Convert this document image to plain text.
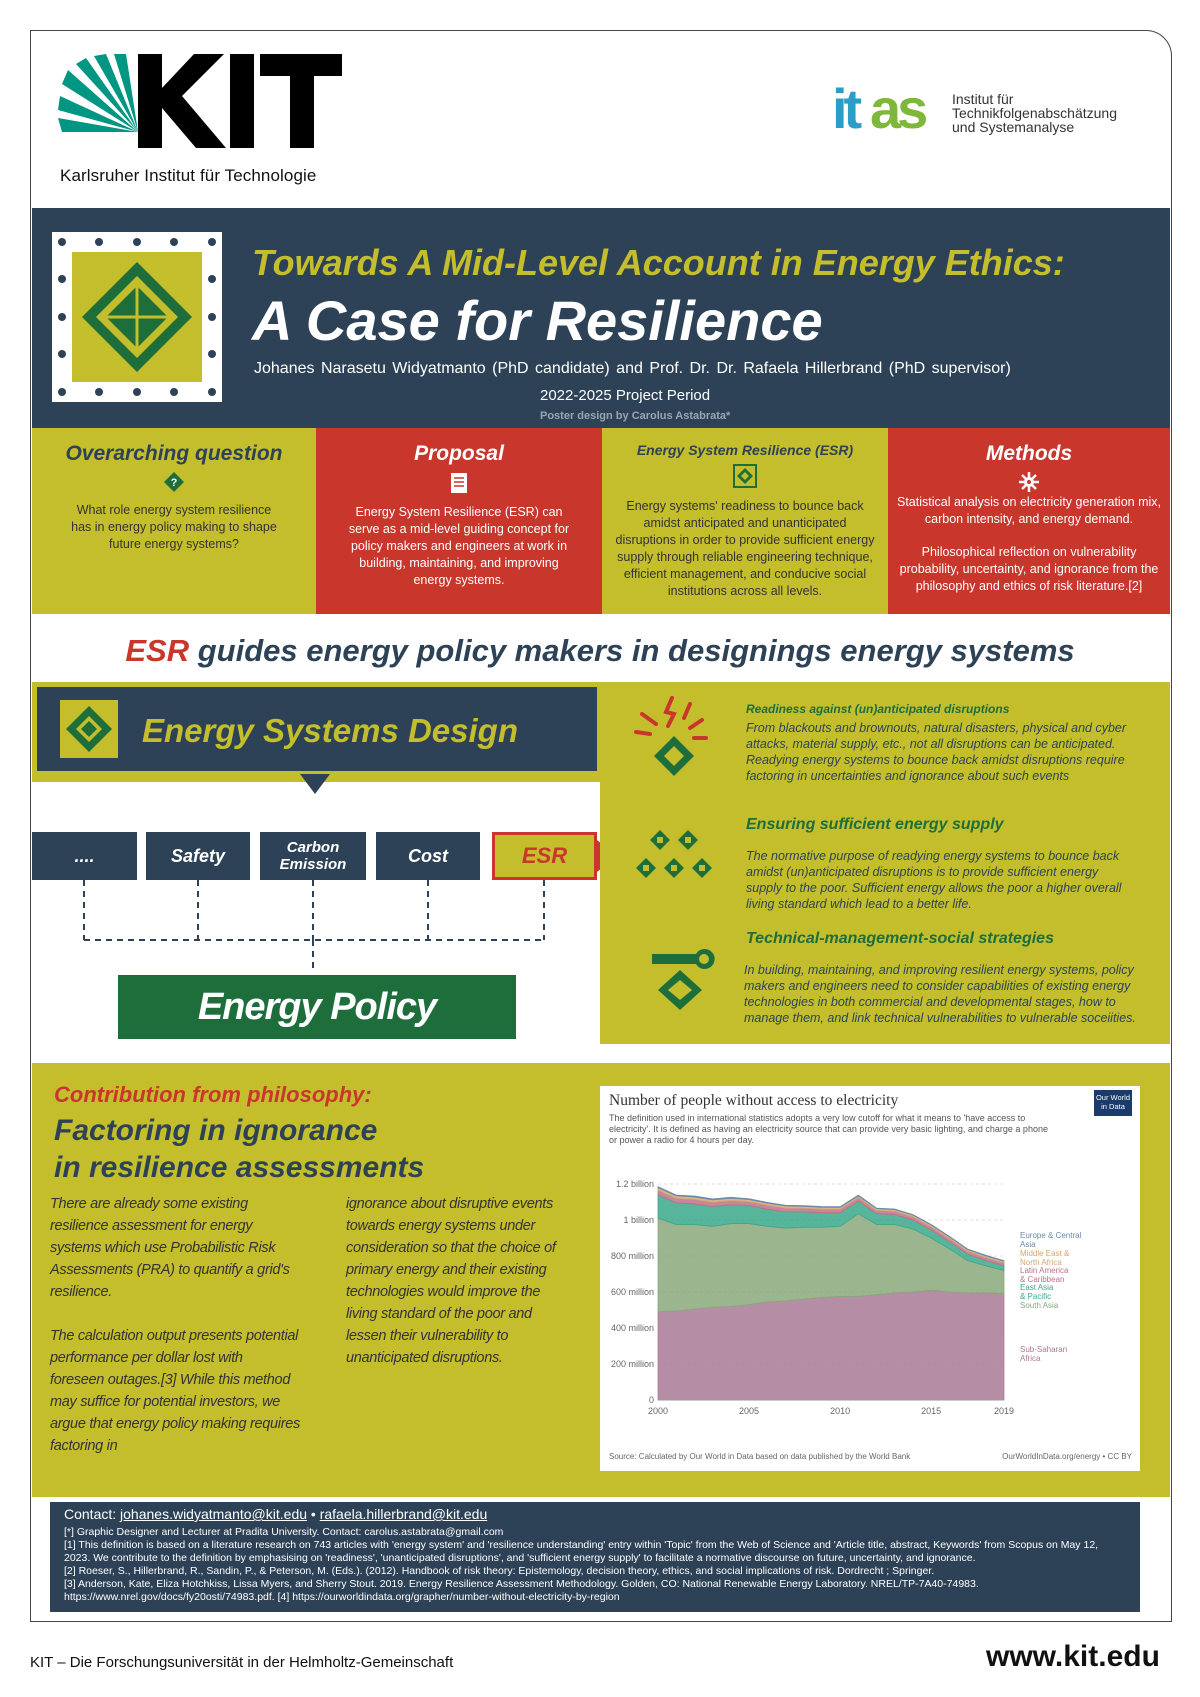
Karlsruher Institut für Technologie
it as Institut für
Technikfolgenabschätzung
und Systemanalyse
Towards A Mid-Level Account in Energy Ethics:
A Case for Resilience
Johanes Narasetu Widyatmanto (PhD candidate) and Prof. Dr. Dr. Rafaela Hillerbrand (PhD supervisor)
2022-2025 Project Period
Poster design by Carolus Astabrata*
Overarching question
?
What role energy system resilience has in energy policy making to shape future energy systems?
Proposal
Energy System Resilience (ESR) can serve as a mid-level guiding concept for policy makers and engineers at work in building, maintaining, and improving energy systems.
Energy System Resilience (ESR)
Energy systems' readiness to bounce back amidst anticipated and unanticipated disruptions in order to provide sufficient energy supply through reliable engineering technique, efficient management, and conducive social institutions across all levels.
Methods
Statistical analysis on electricity generation mix, carbon intensity, and energy demand.
Philosophical reflection on vulnerability probability, uncertainty, and ignorance from the philosophy and ethics of risk literature.[2]
ESR guides energy policy makers in designings energy systems
Energy Systems Design
....	Safety	Carbon Emission	Cost	ESR
Energy Policy
Readiness against (un)anticipated disruptions
From blackouts and brownouts, natural disasters, physical and cyber attacks, material supply, etc., not all disruptions can be anticipated. Readying energy systems to bounce back amidst disruptions require factoring in uncertainties and ignorance about such events
Ensuring sufficient energy supply
The normative purpose of readying energy systems to bounce back amidst (un)anticipated disruptions is to provide sufficient energy supply to the poor. Sufficient energy allows the poor a higher overall living standard which lead to a better life.
Technical-management-social strategies
In building, maintaining, and improving resilient energy systems, policy makers and engineers need to consider capabilities of existing energy technologies in both commercial and developmental stages, how to manage them, and link technical vulnerabilities to vulnerable soceiities.
Contribution from philosophy:
Factoring in ignorance
in resilience assessments
There are already some existing resilience assessment for energy systems which use Probabilistic Risk Assessments (PRA) to quantify a grid's resilience.
The calculation output presents potential performance per dollar lost with foreseen outages.[3] While this method may suffice for potential investors, we argue that energy policy making requires factoring in
ignorance about disruptive events towards energy systems under consideration so that the choice of primary energy and their existing technologies would improve the living standard of the poor and lessen their vulnerability to unanticipated disruptions.
Number of people without access to electricity
The definition used in international statistics adopts a very low cutoff for what it means to 'have access to electricity'. It is defined as having an electricity source that can provide very basic lighting, and charge a phone or power a radio for 4 hours per day.
Our World in Data
0
200 million
400 million
600 million
800 million
1 billion
1.2 billion
2000	2005	2010	2015	2019
Sub-Saharan Africa
South Asia
East Asia & Pacific
Latin America & Caribbean
Middle East & North Africa
Europe & Central Asia
Source: Calculated by Our World in Data based on data published by the World Bank	OurWorldInData.org/energy • CC BY
Contact: johanes.widyatmanto@kit.edu • rafaela.hillerbrand@kit.edu
[*] Graphic Designer and Lecturer at Pradita University. Contact: carolus.astabrata@gmail.com
[1] This definition is based on a literature research on 743 articles with 'energy system' and 'resilience understanding' entry within 'Topic' from the Web of Science and 'Article title, abstract, Keywords' from Scopus on May 12, 2023. We contribute to the definition by emphasising on 'readiness', 'unanticipated disruptions', and 'sufficient energy supply' to facilitate a normative discourse on future, uncertainty, and ignorance.
[2] Roeser, S., Hillerbrand, R., Sandin, P., & Peterson, M. (Eds.). (2012). Handbook of risk theory: Epistemology, decision theory, ethics, and social implications of risk. Dordrecht ; Springer.
[3] Anderson, Kate, Eliza Hotchkiss, Lissa Myers, and Sherry Stout. 2019. Energy Resilience Assessment Methodology. Golden, CO: National Renewable Energy Laboratory. NREL/TP-7A40-74983. https://www.nrel.gov/docs/fy20osti/74983.pdf. [4] https://ourworldindata.org/grapher/number-without-electricity-by-region
KIT – Die Forschungsuniversität in der Helmholtz-Gemeinschaft	www.kit.edu
